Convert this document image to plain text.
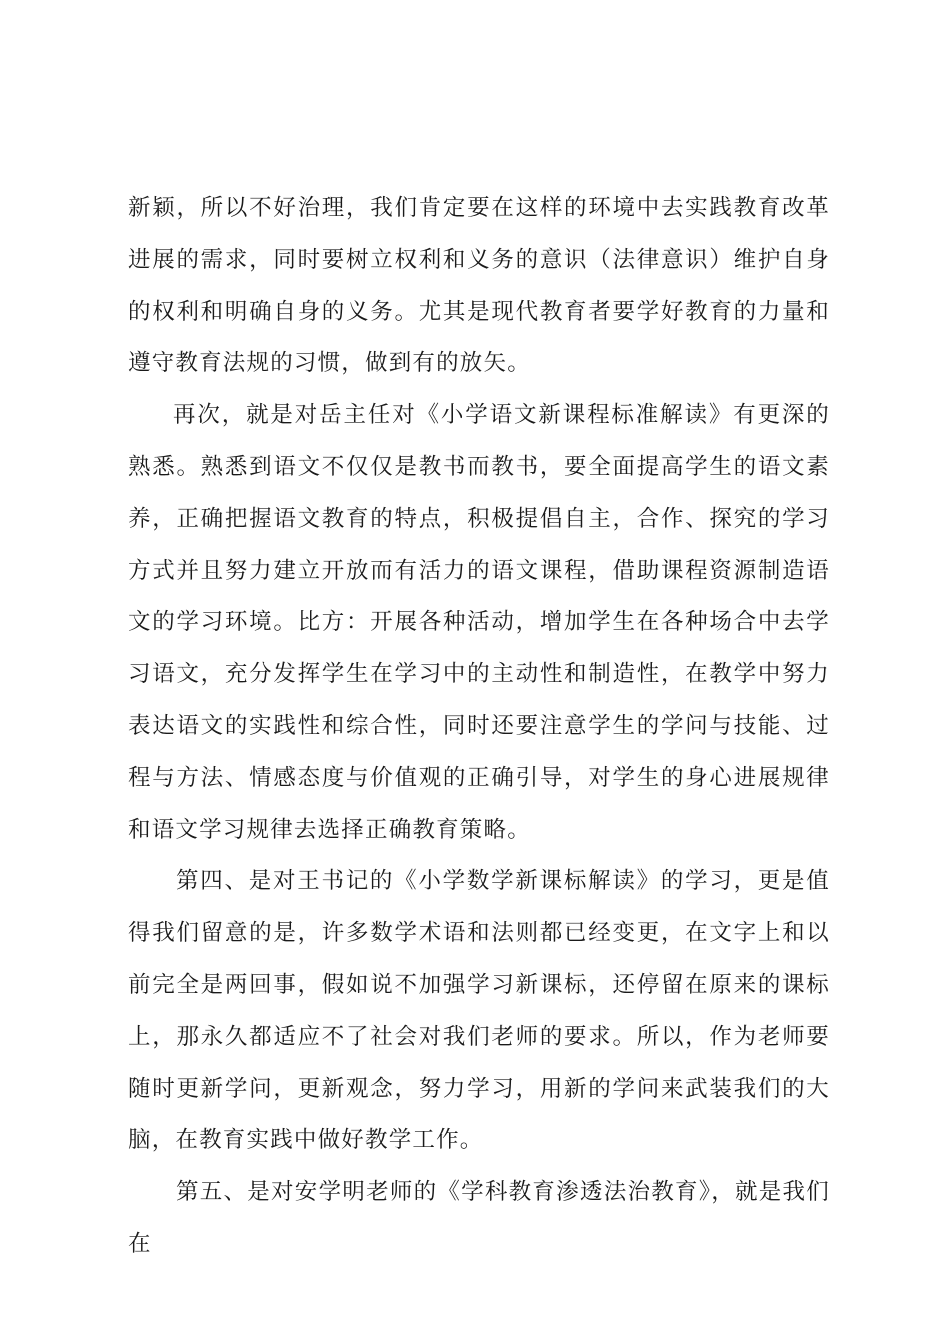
新颖，所以不好治理，我们肯定要在这样的环境中去实践教育改革进展的需求，同时要树立权利和义务的意识（法律意识）维护自身的权利和明确自身的义务。尤其是现代教育者要学好教育的力量和遵守教育法规的习惯，做到有的放矢。

再次，就是对岳主任对《小学语文新课程标准解读》有更深的熟悉。熟悉到语文不仅仅是教书而教书，要全面提高学生的语文素养，正确把握语文教育的特点，积极提倡自主，合作、探究的学习方式并且努力建立开放而有活力的语文课程，借助课程资源制造语文的学习环境。比方：开展各种活动，增加学生在各种场合中去学习语文，充分发挥学生在学习中的主动性和制造性，在教学中努力表达语文的实践性和综合性，同时还要注意学生的学问与技能、过程与方法、情感态度与价值观的正确引导，对学生的身心进展规律和语文学习规律去选择正确教育策略。

第四、是对王书记的《小学数学新课标解读》的学习，更是值得我们留意的是，许多数学术语和法则都已经变更，在文字上和以前完全是两回事，假如说不加强学习新课标，还停留在原来的课标上，那永久都适应不了社会对我们老师的要求。所以，作为老师要随时更新学问，更新观念，努力学习，用新的学问来武装我们的大脑，在教育实践中做好教学工作。

第五、是对安学明老师的《学科教育渗透法治教育》，就是我们在
